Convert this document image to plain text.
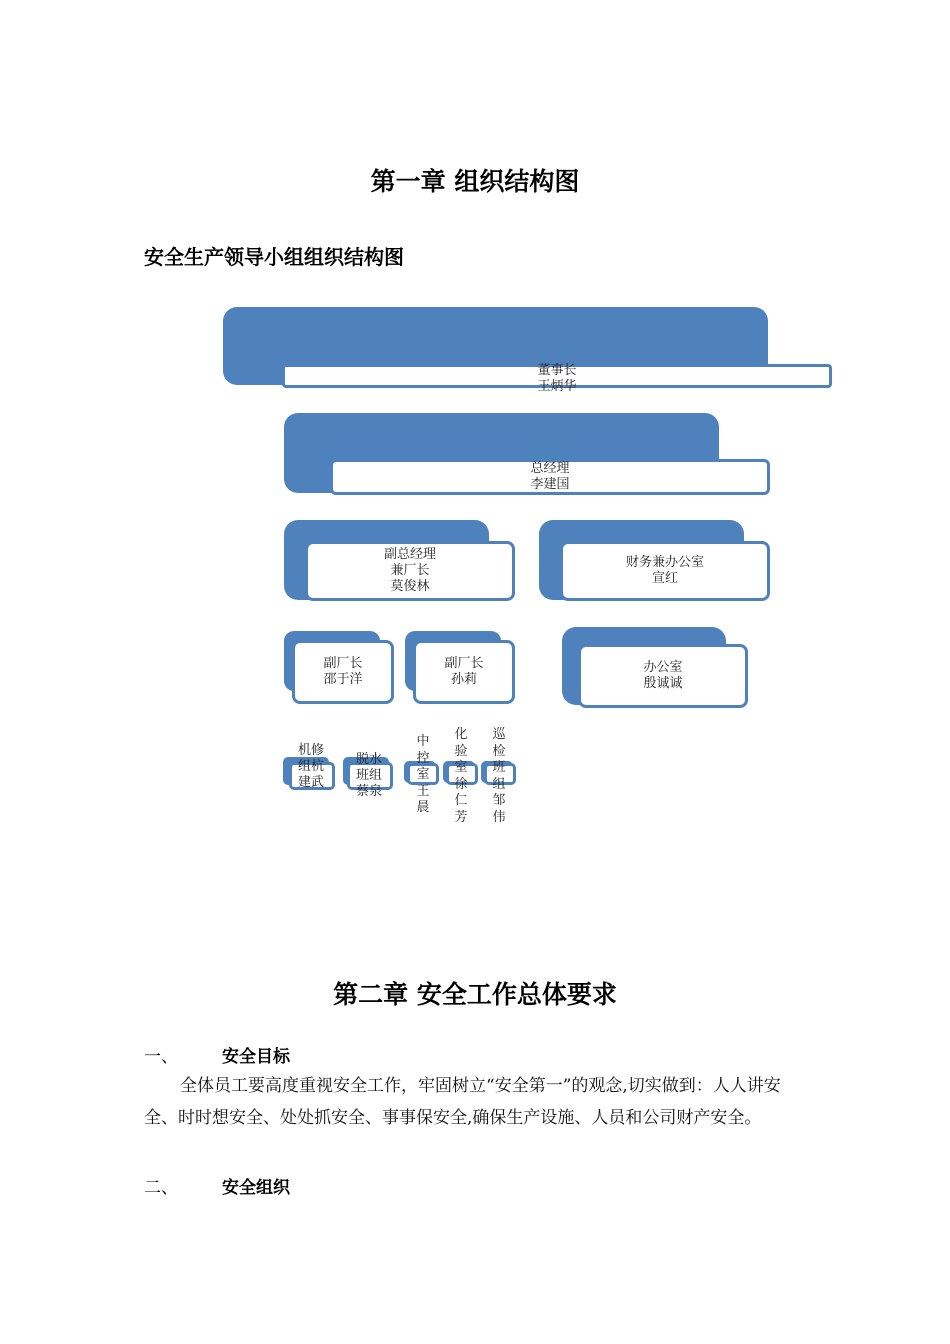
第一章 组织结构图
安全生产领导小组组织结构图
董事长
王炳华
总经理
李建国
副总经理
兼厂长
莫俊林
财务兼办公室
宣红
副厂长
邵于洋
副厂长
孙莉
办公室
殷诚诚
机修组杭建武
脱水班组蔡泉
中控室王晨
化验室徐仁芳
巡检班组邹伟
第二章 安全工作总体要求
一、	安全目标
全体员工要高度重视安全工作，牢固树立“安全第一”的观念,切实做到：人人讲安全、时时想安全、处处抓安全、事事保安全,确保生产设施、人员和公司财产安全。
二、	安全组织
